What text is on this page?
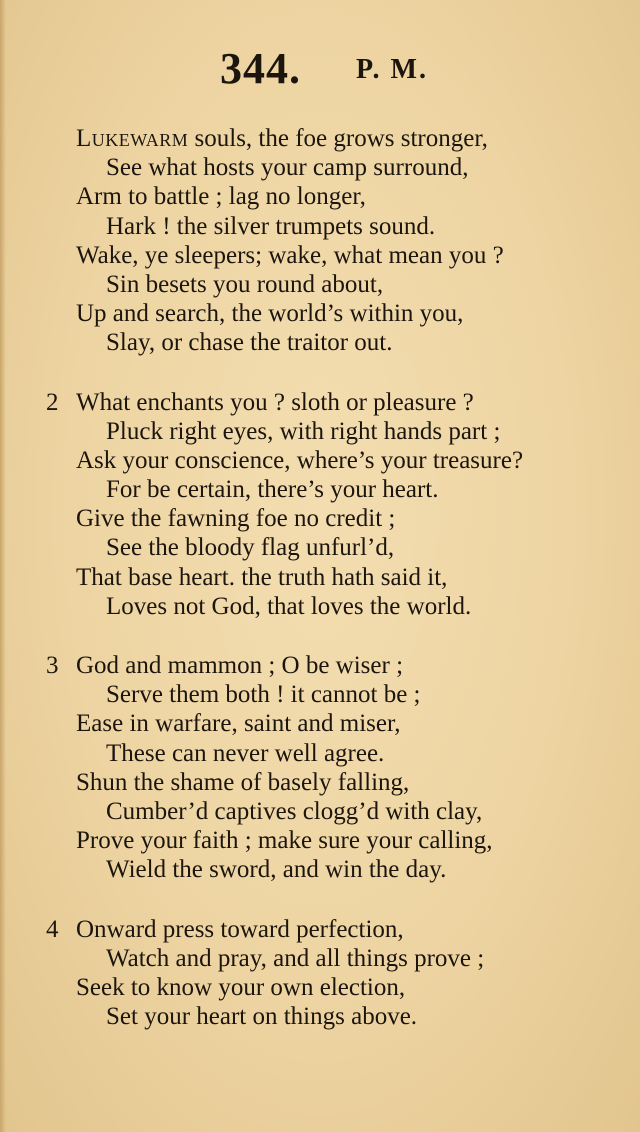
344. P. M.
Lukewarm souls, the foe grows stronger,
See what hosts your camp surround,
Arm to battle ; lag no longer,
Hark ! the silver trumpets sound.
Wake, ye sleepers; wake, what mean you ?
Sin besets you round about,
Up and search, the world’s within you,
Slay, or chase the traitor out.
2 What enchants you ? sloth or pleasure ?
Pluck right eyes, with right hands part ;
Ask your conscience, where’s your treasure?
For be certain, there’s your heart.
Give the fawning foe no credit ;
See the bloody flag unfurl’d,
That base heart. the truth hath said it,
Loves not God, that loves the world.
3 God and mammon ; O be wiser ;
Serve them both ! it cannot be ;
Ease in warfare, saint and miser,
These can never well agree.
Shun the shame of basely falling,
Cumber’d captives clogg’d with clay,
Prove your faith ; make sure your calling,
Wield the sword, and win the day.
4 Onward press toward perfection,
Watch and pray, and all things prove ;
Seek to know your own election,
Set your heart on things above.
